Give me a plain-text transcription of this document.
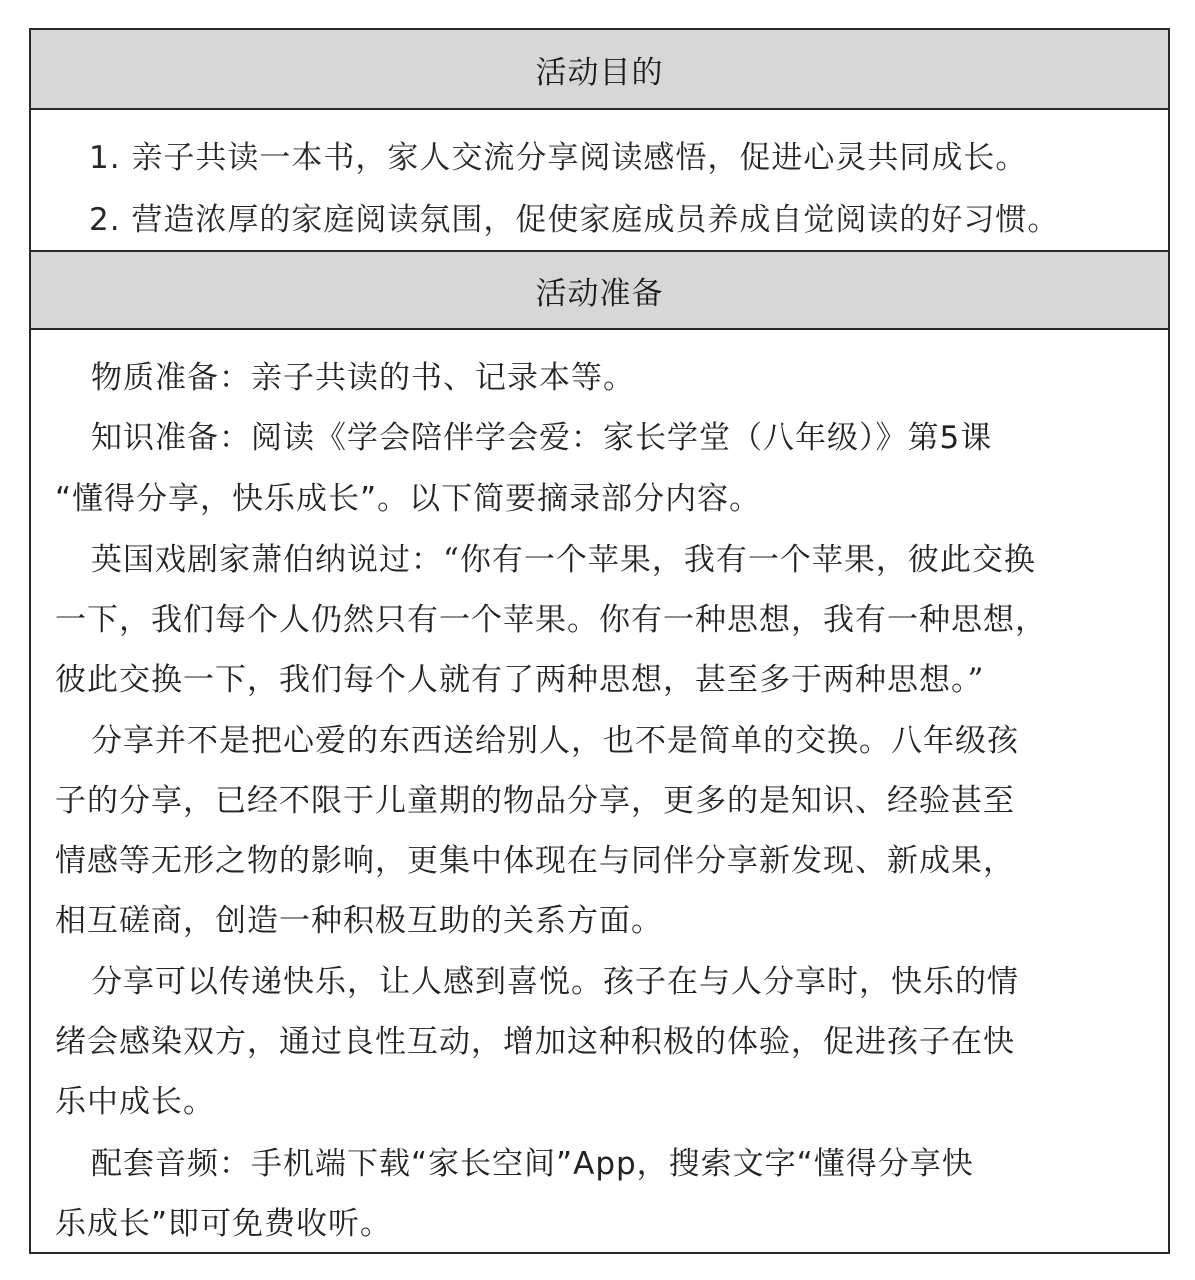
活动目的
1. 亲子共读一本书，家人交流分享阅读感悟，促进心灵共同成长。
2. 营造浓厚的家庭阅读氛围，促使家庭成员养成自觉阅读的好习惯。
活动准备
物质准备：亲子共读的书、记录本等。
知识准备：阅读《学会陪伴学会爱：家长学堂（八年级）》第5课
“懂得分享，快乐成长”。以下简要摘录部分内容。
英国戏剧家萧伯纳说过：“你有一个苹果，我有一个苹果，彼此交换
一下，我们每个人仍然只有一个苹果。你有一种思想，我有一种思想，
彼此交换一下，我们每个人就有了两种思想，甚至多于两种思想。”
分享并不是把心爱的东西送给别人，也不是简单的交换。八年级孩
子的分享，已经不限于儿童期的物品分享，更多的是知识、经验甚至
情感等无形之物的影响，更集中体现在与同伴分享新发现、新成果，
相互磋商，创造一种积极互助的关系方面。
分享可以传递快乐，让人感到喜悦。孩子在与人分享时，快乐的情
绪会感染双方，通过良性互动，增加这种积极的体验，促进孩子在快
乐中成长。
配套音频：手机端下载“家长空间”App，搜索文字“懂得分享快
乐成长”即可免费收听。
